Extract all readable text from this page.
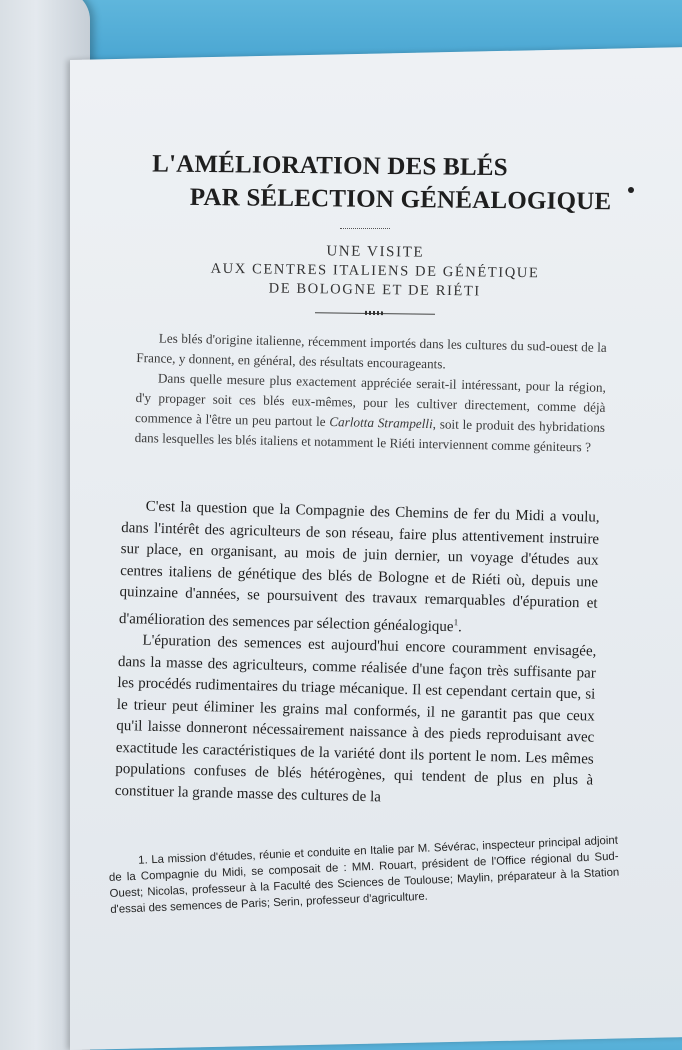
L'AMÉLIORATION DES BLÉS
PAR SÉLECTION GÉNÉALOGIQUE
UNE VISITE
AUX CENTRES ITALIENS DE GÉNÉTIQUE
DE BOLOGNE ET DE RIÉTI

Les blés d'origine italienne, récemment importés dans les cultures du sud-ouest de la France, y donnent, en général, des résultats encourageants.

Dans quelle mesure plus exactement appréciée serait-il intéressant, pour la région, d'y propager soit ces blés eux-mêmes, pour les cultiver directement, comme déjà commence à l'être un peu partout le Carlotta Strampelli, soit le produit des hybridations dans lesquelles les blés italiens et notamment le Riéti interviennent comme géniteurs ?

C'est la question que la Compagnie des Chemins de fer du Midi a voulu, dans l'intérêt des agriculteurs de son réseau, faire plus attentivement instruire sur place, en organisant, au mois de juin dernier, un voyage d'études aux centres italiens de génétique des blés de Bologne et de Riéti où, depuis une quinzaine d'années, se poursuivent des travaux remarquables d'épuration et d'amélioration des semences par sélection généalogique$^1$.

L'épuration des semences est aujourd'hui encore couramment envisagée, dans la masse des agriculteurs, comme réalisée d'une façon très suffisante par les procédés rudimentaires du triage mécanique. Il est cependant certain que, si le trieur peut éliminer les grains mal conformés, il ne garantit pas que ceux qu'il laisse donneront nécessairement naissance à des pieds reproduisant avec exactitude les caractéristiques de la variété dont ils portent le nom. Les mêmes populations confuses de blés hétérogènes, qui tendent de plus en plus à constituer la grande masse des cultures de la

1. La mission d'études, réunie et conduite en Italie par M. Sévérac, inspecteur principal adjoint de la Compagnie du Midi, se composait de : MM. Rouart, président de l'Office régional du Sud-Ouest; Nicolas, professeur à la Faculté des Sciences de Toulouse; Maylin, préparateur à la Station d'essai des semences de Paris; Serin, professeur d'agriculture.
